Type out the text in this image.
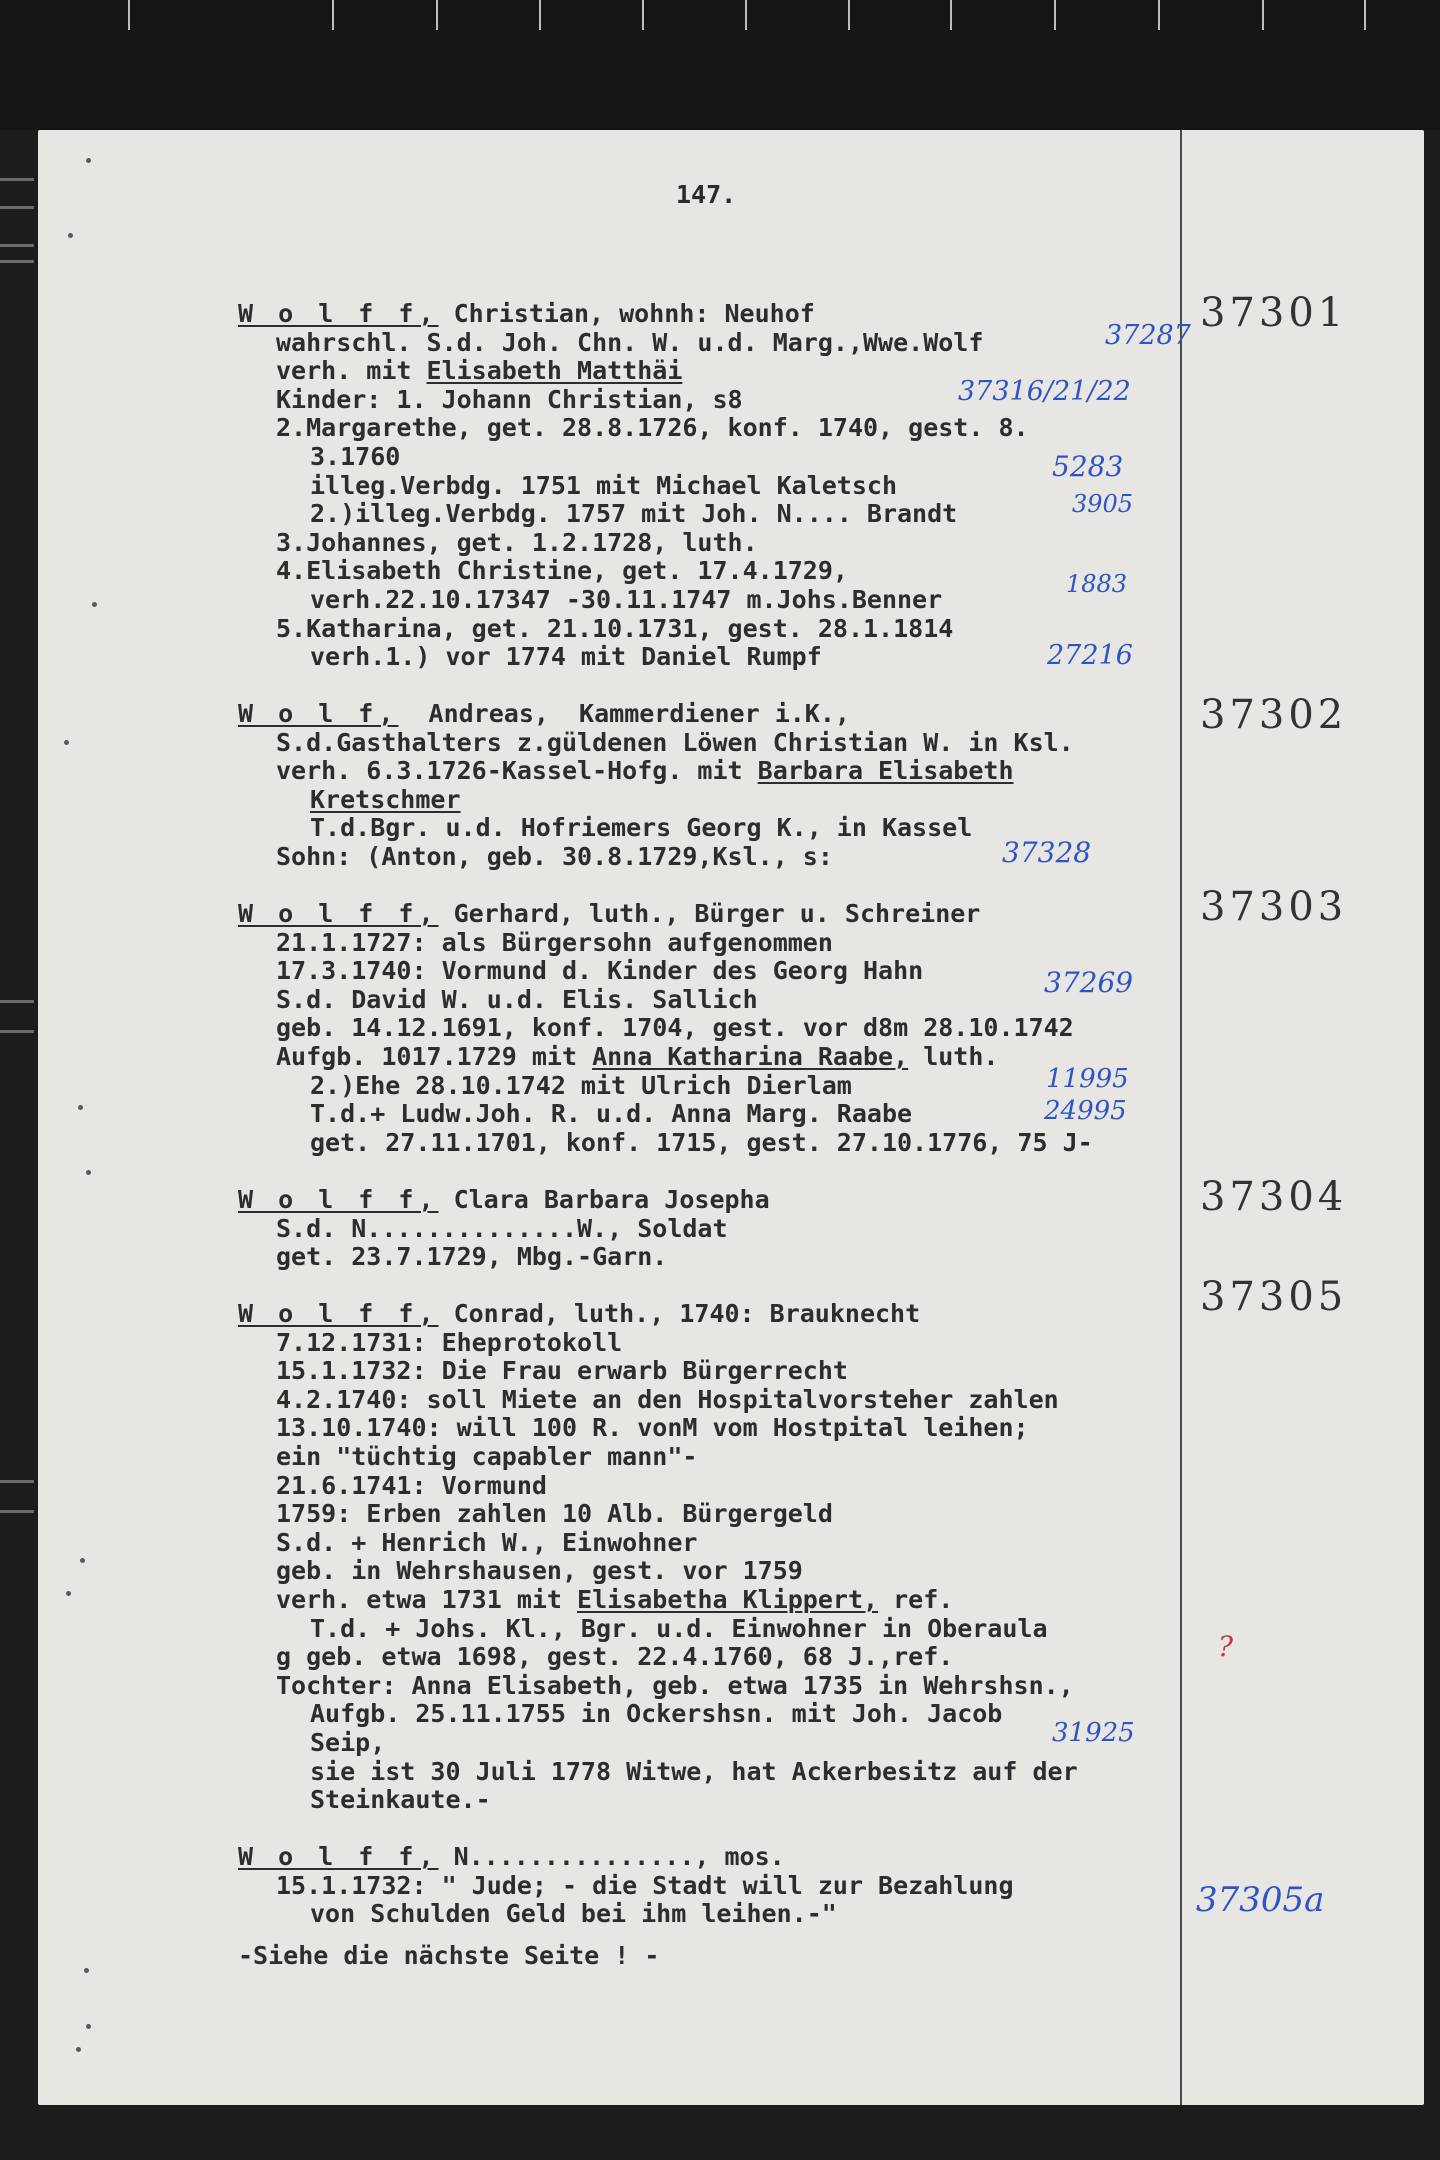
147.
W o l f f, Christian, wohnh: Neuhof
wahrschl. S.d. Joh. Chn. W. u.d. Marg.,Wwe.Wolf
verh. mit Elisabeth Matthäi
Kinder: 1. Johann Christian, s8
2.Margarethe, get. 28.8.1726, konf. 1740, gest. 8.
3.1760
illeg.Verbdg. 1751 mit Michael Kaletsch
2.)illeg.Verbdg. 1757 mit Joh. N.... Brandt
3.Johannes, get. 1.2.1728, luth.
4.Elisabeth Christine, get. 17.4.1729,
verh.22.10.17347 -30.11.1747 m.Johs.Benner
5.Katharina, get. 21.10.1731, gest. 28.1.1814
verh.1.) vor 1774 mit Daniel Rumpf
W o l f,  Andreas,  Kammerdiener i.K.,
S.d.Gasthalters z.güldenen Löwen Christian W. in Ksl.
verh. 6.3.1726-Kassel-Hofg. mit Barbara Elisabeth
Kretschmer
T.d.Bgr. u.d. Hofriemers Georg K., in Kassel
Sohn: (Anton, geb. 30.8.1729,Ksl., s:
W o l f f, Gerhard, luth., Bürger u. Schreiner
21.1.1727: als Bürgersohn aufgenommen
17.3.1740: Vormund d. Kinder des Georg Hahn
S.d. David W. u.d. Elis. Sallich
geb. 14.12.1691, konf. 1704, gest. vor d8m 28.10.1742
Aufgb. 1017.1729 mit Anna Katharina Raabe, luth.
2.)Ehe 28.10.1742 mit Ulrich Dierlam
T.d.+ Ludw.Joh. R. u.d. Anna Marg. Raabe
get. 27.11.1701, konf. 1715, gest. 27.10.1776, 75 J-
W o l f f, Clara Barbara Josepha
S.d. N..............W., Soldat
get. 23.7.1729, Mbg.-Garn.
W o l f f, Conrad, luth., 1740: Brauknecht
7.12.1731: Eheprotokoll
15.1.1732: Die Frau erwarb Bürgerrecht
4.2.1740: soll Miete an den Hospitalvorsteher zahlen
13.10.1740: will 100 R. vonM vom Hostpital leihen;
ein "tüchtig capabler mann"-
21.6.1741: Vormund
1759: Erben zahlen 10 Alb. Bürgergeld
S.d. + Henrich W., Einwohner
geb. in Wehrshausen, gest. vor 1759
verh. etwa 1731 mit Elisabetha Klippert, ref.
T.d. + Johs. Kl., Bgr. u.d. Einwohner in Oberaula
g geb. etwa 1698, gest. 22.4.1760, 68 J.,ref.
Tochter: Anna Elisabeth, geb. etwa 1735 in Wehrshsn.,
Aufgb. 25.11.1755 in Ockershsn. mit Joh. Jacob
Seip,
sie ist 30 Juli 1778 Witwe, hat Ackerbesitz auf der
Steinkaute.-
W o l f f, N..............., mos.
15.1.1732: " Jude; - die Stadt will zur Bezahlung
von Schulden Geld bei ihm leihen.-"
37287
37316/21/22
5283
3905
1883
27216
37328
37269
11995
24995
?
31925
37305a
-Siehe die nächste Seite ! -
37301
37302
37303
37304
37305
